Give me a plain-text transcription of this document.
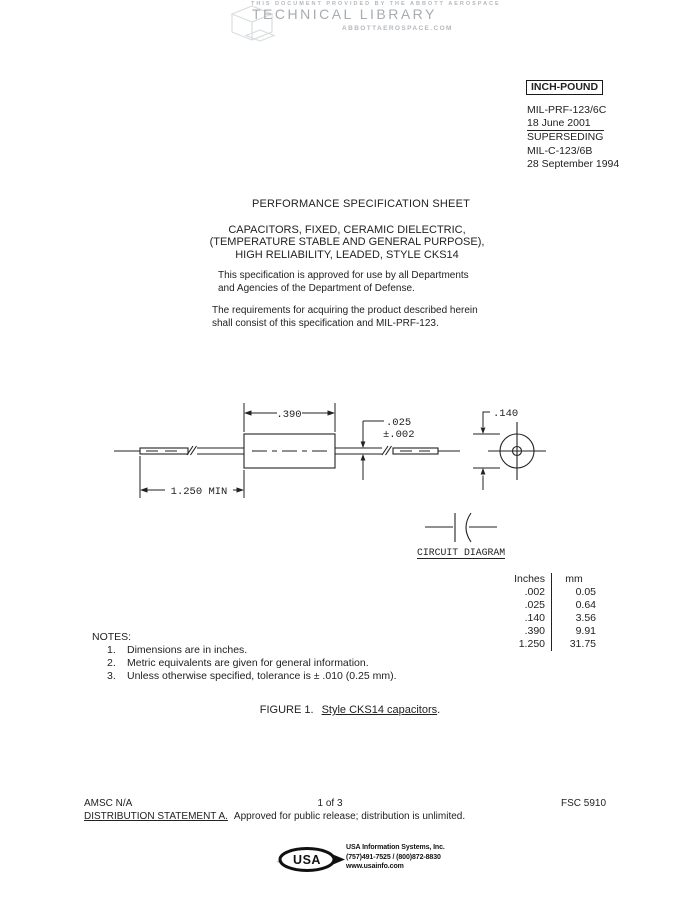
THIS DOCUMENT PROVIDED BY THE ABBOTT AEROSPACE
TECHNICAL LIBRARY
ABBOTTAEROSPACE.COM
INCH-POUND
MIL-PRF-123/6C
18 June 2001
SUPERSEDING
MIL-C-123/6B
28 September 1994
PERFORMANCE SPECIFICATION SHEET
CAPACITORS, FIXED, CERAMIC DIELECTRIC,
(TEMPERATURE STABLE AND GENERAL PURPOSE),
HIGH RELIABILITY, LEADED, STYLE CKS14
This specification is approved for use by all Departments
and Agencies of the Department of Defense.
The requirements for acquiring the product described herein
shall consist of this specification and MIL-PRF-123.
.390
.025
±.002
.140
1.250 MIN
CIRCUIT DIAGRAM
Inches	mm
.002	0.05
.025	0.64
.140	3.56
.390	9.91
1.250	31.75
NOTES:
1.	Dimensions are in inches.
2.	Metric equivalents are given for general information.
3.	Unless otherwise specified, tolerance is ± .010 (0.25 mm).
FIGURE 1. Style CKS14 capacitors.
AMSC N/A	1 of 3	FSC 5910
DISTRIBUTION STATEMENT A. Approved for public release; distribution is unlimited.
USA
USA Information Systems, Inc.
(757)491-7525 / (800)872-8830
www.usainfo.com
